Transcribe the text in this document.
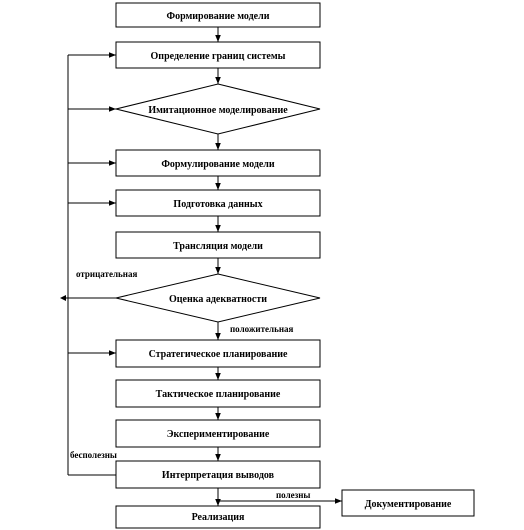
Формирование модели
Определение границ системы
Имитационное моделирование
Формулирование модели
Подготовка данных
Трансляция модели
Оценка адекватности
Стратегическое планирование
Тактическое планирование
Экспериментирование
Интерпретация выводов
Реализация
Документирование
отрицательная
положительная
бесполезны
полезны
